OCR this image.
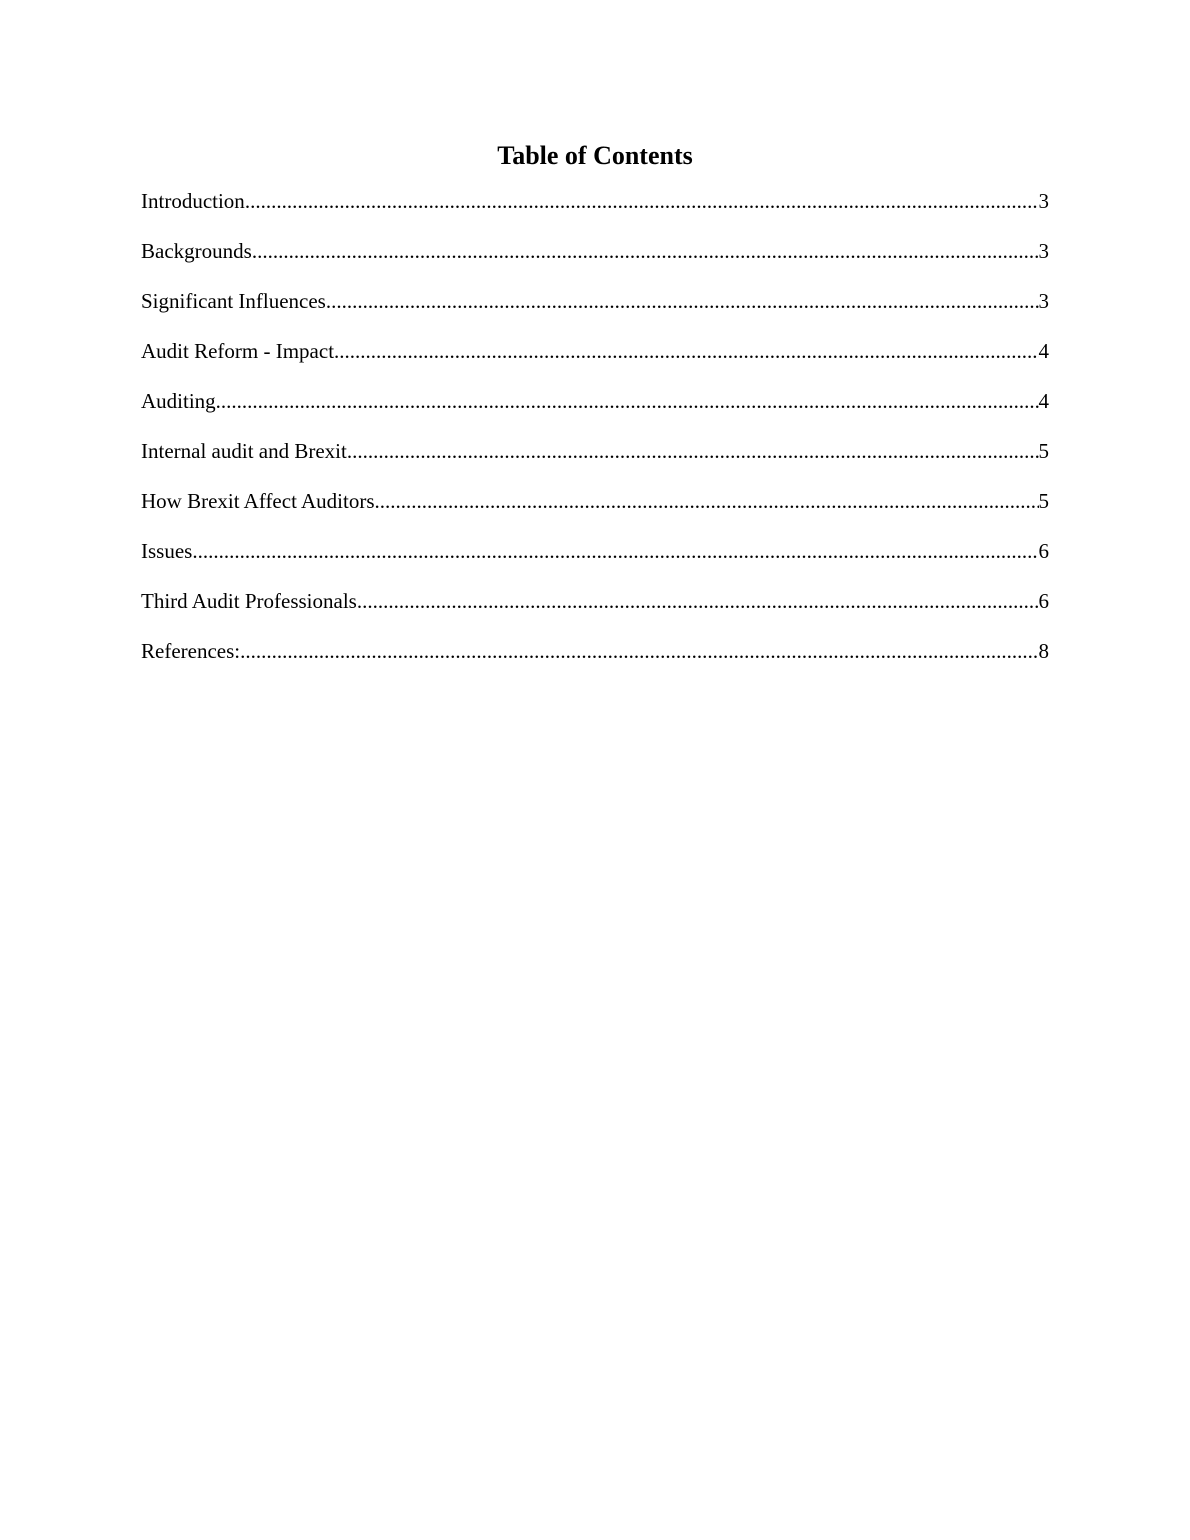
Table of Contents
Introduction .....	3
Backgrounds .....	3
Significant Influences .....	3
Audit Reform - Impact .....	4
Auditing .....	4
Internal audit and Brexit .....	5
How Brexit Affect Auditors .....	5
Issues .....	6
Third Audit Professionals .....	6
References: .....	8
